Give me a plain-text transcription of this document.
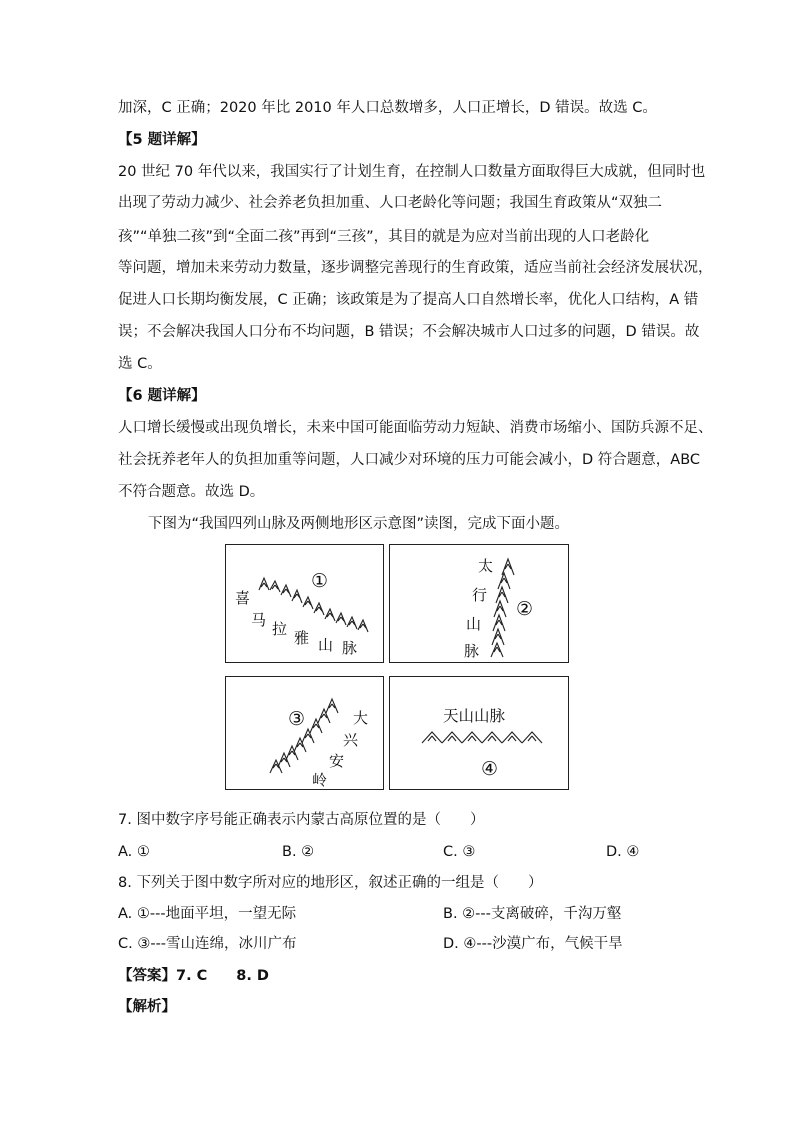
加深，C 正确；2020 年比 2010 年人口总数增多，人口正增长，D 错误。故选 C。
【5 题详解】
20 世纪 70 年代以来，我国实行了计划生育，在控制人口数量方面取得巨大成就，但同时也
出现了劳动力减少、社会养老负担加重、人口老龄化等问题；我国生育政策从“双独二
孩”“单独二孩”到“全面二孩”再到“三孩”，其目的就是为应对当前出现的人口老龄化
等问题，增加未来劳动力数量，逐步调整完善现行的生育政策，适应当前社会经济发展状况，
促进人口长期均衡发展，C 正确；该政策是为了提高人口自然增长率，优化人口结构，A 错
误；不会解决我国人口分布不均问题，B 错误；不会解决城市人口过多的问题，D 错误。故
选 C。
【6 题详解】
人口增长缓慢或出现负增长，未来中国可能面临劳动力短缺、消费市场缩小、国防兵源不足、
社会抚养老年人的负担加重等问题，人口减少对环境的压力可能会减小，D 符合题意，ABC
不符合题意。故选 D。
下图为“我国四列山脉及两侧地形区示意图”读图，完成下面小题。
喜
马 拉 雅 山 脉
①
太
行
山
脉
②
③	大
兴
安
岭
天山山脉
④
7. 图中数字序号能正确表示内蒙古高原位置的是（　　）
A. ①	B. ②	C. ③	D. ④
8. 下列关于图中数字所对应的地形区，叙述正确的一组是（　　）
A. ①---地面平坦，一望无际	B. ②---支离破碎，千沟万壑
C. ③---雪山连绵，冰川广布	D. ④---沙漠广布，气候干旱
【答案】7. C　　8. D
【解析】
